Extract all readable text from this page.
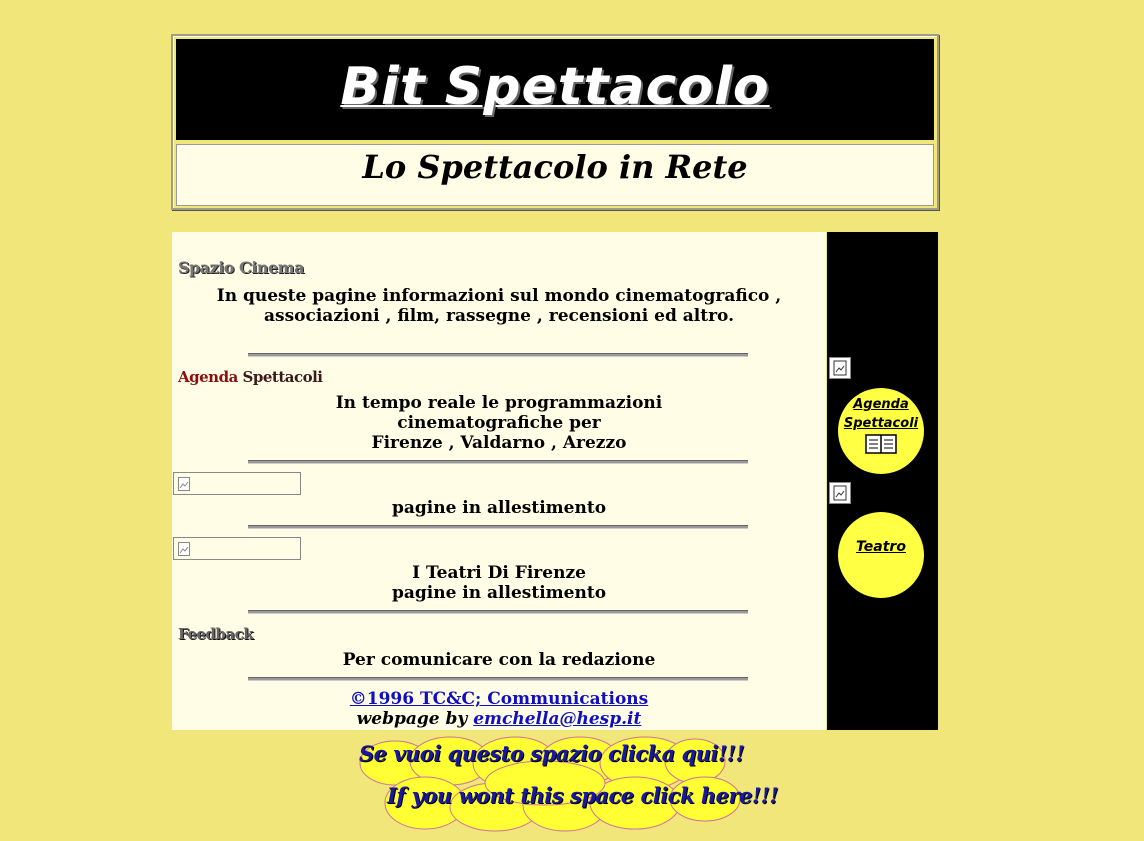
Bit Spettacolo
Lo Spettacolo in Rete
Spazio Cinema
In queste pagine informazioni sul mondo cinematografico ,
associazioni , film, rassegne , recensioni ed altro.
Agenda Spettacoli
In tempo reale le programmazioni
cinematografiche per
Firenze , Valdarno , Arezzo
pagine in allestimento
I Teatri Di Firenze
pagine in allestimento
Feedback
Per comunicare con la redazione
©1996 TC&C; Communications
webpage by emchella@hesp.it
Agenda
Spettacoli
Teatro
Se vuoi questo spazio clicka qui!!!
If you wont this space click here!!!
